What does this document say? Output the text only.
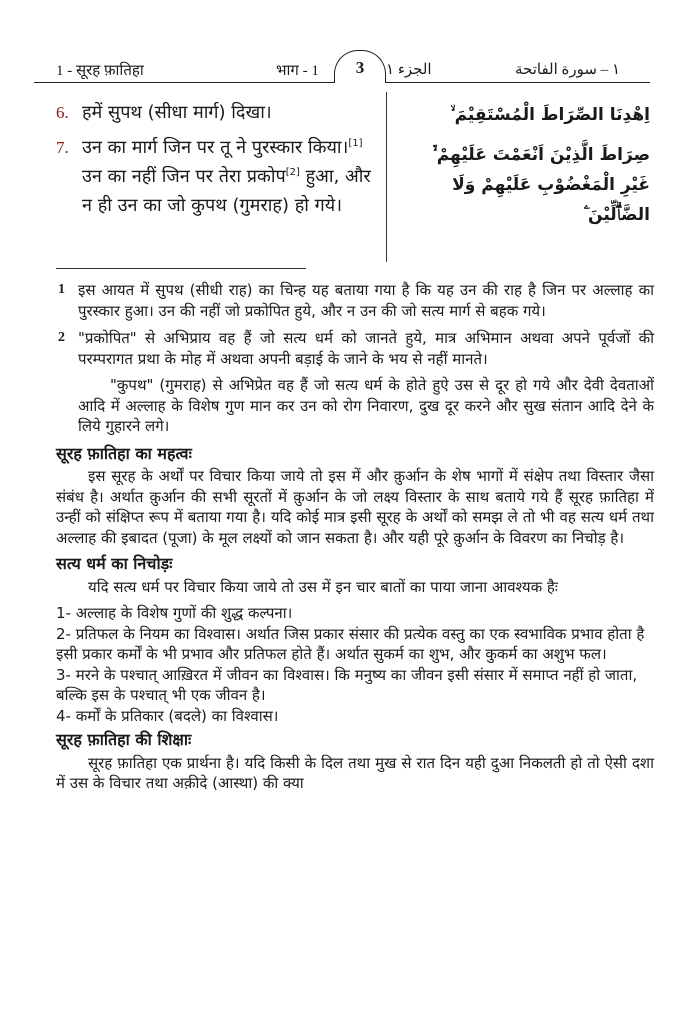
1 - सूरह फ़ातिहा	भाग - 1	3	الجزء ١	١ – سورة الفاتحة
6. हमें सुपथ (सीधा मार्ग) दिखा।
7. उन का मार्ग जिन पर तू ने पुरस्कार किया।[1] उन का नहीं जिन पर तेरा प्रकोप[2] हुआ, और न ही उन का जो कुपथ (गुमराह) हो गये।
اِهْدِنَا الصِّرَاطَ الْمُسْتَقِيْمَ ۙ
صِرَاطَ الَّذِيْنَ اَنْعَمْتَ عَلَيْهِمْ ۙ۬ غَيْرِ الْمَغْضُوْبِ عَلَيْهِمْ وَلَا الضَّاۗلِّيْنَ ۧ
1 इस आयत में सुपथ (सीधी राह) का चिन्ह यह बताया गया है कि यह उन की राह है जिन पर अल्लाह का पुरस्कार हुआ। उन की नहीं जो प्रकोपित हुये, और न उन की जो सत्य मार्ग से बहक गये।
2 "प्रकोपित" से अभिप्राय वह हैं जो सत्य धर्म को जानते हुये, मात्र अभिमान अथवा अपने पूर्वजों की परम्परागत प्रथा के मोह में अथवा अपनी बड़ाई के जाने के भय से नहीं मानते।
"कुपथ" (गुमराह) से अभिप्रेत वह हैं जो सत्य धर्म के होते हुऐ उस से दूर हो गये और देवी देवताओं आदि में अल्लाह के विशेष गुण मान कर उन को रोग निवारण, दुख दूर करने और सुख संतान आदि देने के लिये गुहारने लगे।
सूरह फ़ातिहा का महत्वः
इस सूरह के अर्थों पर विचार किया जाये तो इस में और क़ुर्आन के शेष भागों में संक्षेप तथा विस्तार जैसा संबंध है। अर्थात क़ुर्आन की सभी सूरतों में क़ुर्आन के जो लक्ष्य विस्तार के साथ बताये गये हैं सूरह फ़ातिहा में उन्हीं को संक्षिप्त रूप में बताया गया है। यदि कोई मात्र इसी सूरह के अर्थों को समझ ले तो भी वह सत्य धर्म तथा अल्लाह की इबादत (पूजा) के मूल लक्ष्यों को जान सकता है। और यही पूरे क़ुर्आन के विवरण का निचोड़ है।
सत्य धर्म का निचोड़ः
यदि सत्य धर्म पर विचार किया जाये तो उस में इन चार बातों का पाया जाना आवश्यक हैः
1- अल्लाह के विशेष गुणों की शुद्ध कल्पना।
2- प्रतिफल के नियम का विश्वास। अर्थात जिस प्रकार संसार की प्रत्येक वस्तु का एक स्वभाविक प्रभाव होता है इसी प्रकार कर्मों के भी प्रभाव और प्रतिफल होते हैं। अर्थात सुकर्म का शुभ, और कुकर्म का अशुभ फल।
3- मरने के पश्चात् आख़िरत में जीवन का विश्वास। कि मनुष्य का जीवन इसी संसार में समाप्त नहीं हो जाता, बल्कि इस के पश्चात् भी एक जीवन है।
4- कर्मों के प्रतिकार (बदले) का विश्वास।
सूरह फ़ातिहा की शिक्षाः
सूरह फ़ातिहा एक प्रार्थना है। यदि किसी के दिल तथा मुख से रात दिन यही दुआ निकलती हो तो ऐसी दशा में उस के विचार तथा अक़ीदे (आस्था) की क्या
